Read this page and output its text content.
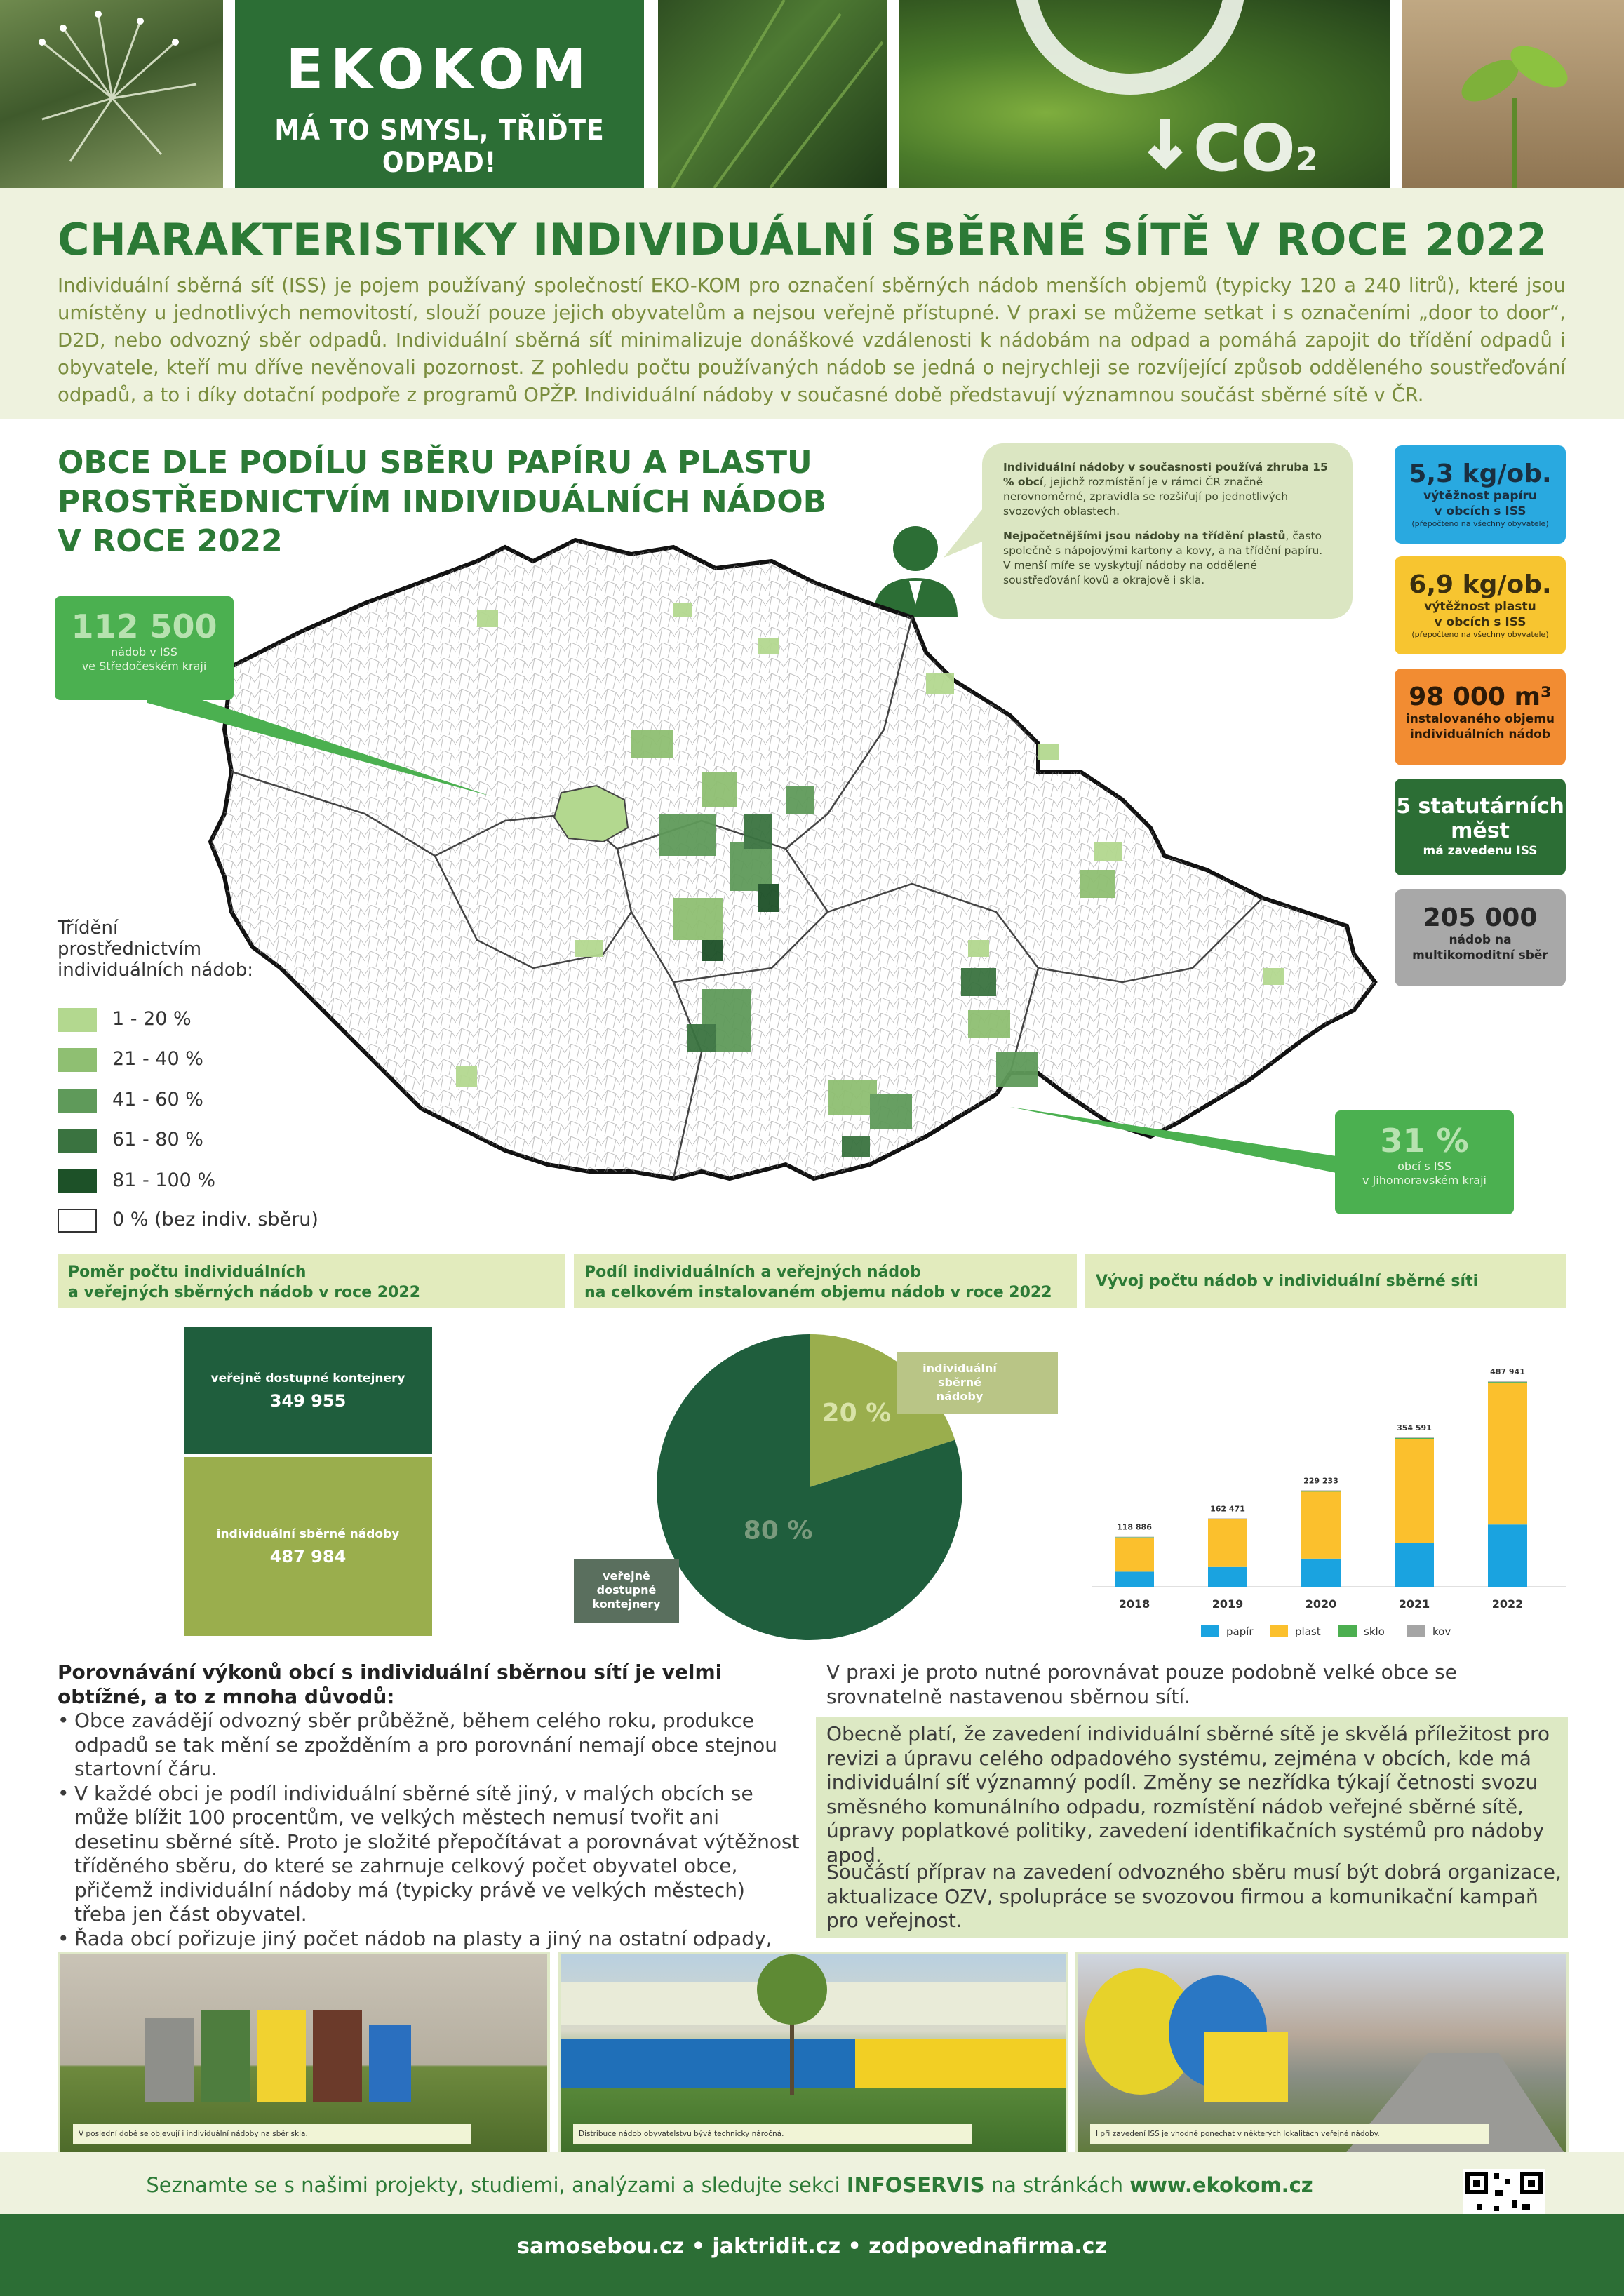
EKOKOM
MÁ TO SMYSL, TŘIĎTE ODPAD!	CO2
CHARAKTERISTIKY INDIVIDUÁLNÍ SBĚRNÉ SÍTĚ V ROCE 2022
Individuální sběrná síť (ISS) je pojem používaný společností EKO-KOM pro označení sběrných nádob menších objemů (typicky 120 a 240 litrů), které jsou umístěny u jednotlivých nemovitostí, slouží pouze jejich obyvatelům a nejsou veřejně přístupné. V praxi se můžeme setkat i s označeními „door to door“, D2D, nebo odvozný sběr odpadů. Individuální sběrná síť minimalizuje donáškové vzdálenosti k nádobám na odpad a pomáhá zapojit do třídění odpadů i obyvatele, kteří mu dříve nevěnovali pozornost. Z pohledu počtu používaných nádob se jedná o nejrychleji se rozvíjející způsob odděleného soustřeďování odpadů, a to i díky dotační podpoře z programů OPŽP. Individuální nádoby v současné době představují významnou součást sběrné sítě v ČR.
OBCE DLE PODÍLU SBĚRU PAPÍRU A PLASTU
PROSTŘEDNICTVÍM INDIVIDUÁLNÍCH NÁDOB
V ROCE 2022

Individuální nádoby v současnosti používá zhruba 15 % obcí, jejichž rozmístění je v rámci ČR značně nerovnoměrné, zpravidla se rozšiřují po jednotlivých svozových oblastech.

Nejpočetnějšími jsou nádoby na třídění plastů, často společně s nápojovými kartony a kovy, a na třídění papíru. V menší míře se vyskytují nádoby na oddělené soustřeďování kovů a okrajově i skla.

5,3 kg/ob.
výtěžnost papíru
v obcích s ISS
(přepočteno na všechny obyvatele)
6,9 kg/ob.
výtěžnost plastu
v obcích s ISS
(přepočteno na všechny obyvatele)
98 000 m³
instalovaného objemu
individuálních nádob
5 statutárních
měst
má zavedenu ISS
205 000
nádob na
multikomoditní sběr
112 500
nádob v ISS
ve Středočeském kraji
31 %
obcí s ISS
v Jihomoravském kraji
Třídění
prostřednictvím
individuálních nádob:
1 - 20 %
21 - 40 %
41 - 60 %
61 - 80 %
81 - 100 %
0 % (bez indiv. sběru)
Poměr počtu individuálních
a veřejných sběrných nádob v roce 2022
Podíl individuálních a veřejných nádob
na celkovém instalovaném objemu nádob v roce 2022
Vývoj počtu nádob v individuální sběrné síti
veřejně dostupné kontejnery
349 955
individuální sběrné nádoby
487 984
20 %
80 %
individuální
sběrné
nádoby
veřejně
dostupné
kontejnery
118 886
2018
162 471
2019
229 233
2020
354 591
2021
487 941
2022
papír	plast	sklo	kov
Porovnávání výkonů obcí s individuální sběrnou sítí je velmi obtížné, a to z mnoha důvodů:
• Obce zavádějí odvozný sběr průběžně, během celého roku, produkce odpadů se tak mění se zpožděním a pro porovnání nemají obce stejnou startovní čáru.
• V každé obci je podíl individuální sběrné sítě jiný, v malých obcích se může blížit 100 procentům, ve velkých městech nemusí tvořit ani desetinu sběrné sítě. Proto je složité přepočítávat a porovnávat výtěžnost tříděného sběru, do které se zahrnuje celkový počet obyvatel obce, přičemž individuální nádoby má (typicky právě ve velkých městech) třeba jen část obyvatel.
• Řada obcí pořizuje jiný počet nádob na plasty a jiný na ostatní odpady,
V praxi je proto nutné porovnávat pouze podobně velké obce se srovnatelně nastavenou sběrnou sítí.
Obecně platí, že zavedení individuální sběrné sítě je skvělá příležitost pro revizi a úpravu celého odpadového systému, zejména v obcích, kde má individuální síť významný podíl. Změny se nezřídka týkají četnosti svozu směsného komunálního odpadu, rozmístění nádob veřejné sběrné sítě, úpravy poplatkové politiky, zavedení identifikačních systémů pro nádoby apod.
Součástí příprav na zavedení odvozného sběru musí být dobrá organizace, aktualizace OZV, spolupráce se svozovou firmou a komunikační kampaň pro veřejnost.
V poslední době se objevují i individuální nádoby na sběr skla.	Distribuce nádob obyvatelstvu bývá technicky náročná.	I při zavedení ISS je vhodné ponechat v některých lokalitách veřejné nádoby.
Seznamte se s našimi projekty, studiemi, analýzami a sledujte sekci INFOSERVIS na stránkách www.ekokom.cz
samosebou.cz • jaktridit.cz • zodpovednafirma.cz
